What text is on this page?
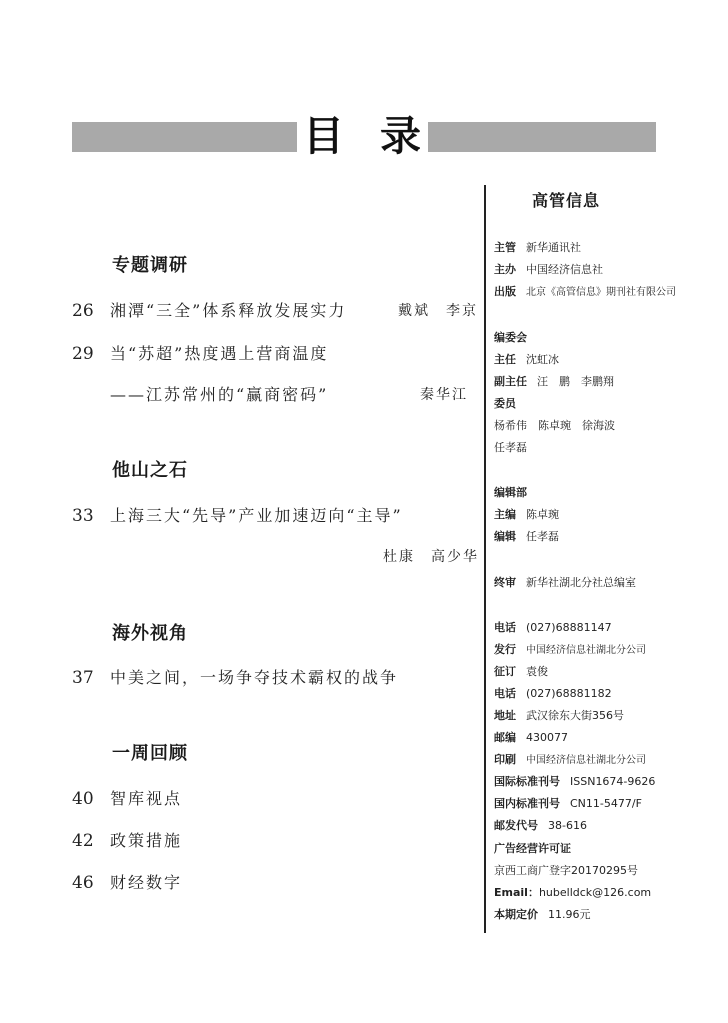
目 录
专题调研
26 湘潭“三全”体系释放发展实力	戴斌　李京
29 当“苏超”热度遇上营商温度
——江苏常州的“赢商密码”	秦华江
他山之石
33 上海三大“先导”产业加速迈向“主导”
杜康　高少华
海外视角
37 中美之间，一场争夺技术霸权的战争
一周回顾
40 智库视点
42 政策措施
46 财经数字
高管信息
主管 新华通讯社
主办 中国经济信息社
出版 北京《高管信息》期刊社有限公司
编委会
主任 沈虹冰
副主任 汪　鹏　李鹏翔
委员
杨希伟　陈卓琬　徐海波
任孝磊
编辑部
主编 陈卓琬
编辑 任孝磊
终审 新华社湖北分社总编室
电话 (027)68881147
发行 中国经济信息社湖北分公司
征订 袁俊
电话 (027)68881182
地址 武汉徐东大街356号
邮编 430077
印刷 中国经济信息社湖北分公司
国际标准刊号 ISSN1674-9626
国内标准刊号 CN11-5477/F
邮发代号 38-616
广告经营许可证
京西工商广登字20170295号
Email：hubelldck@126.com
本期定价 11.96元
